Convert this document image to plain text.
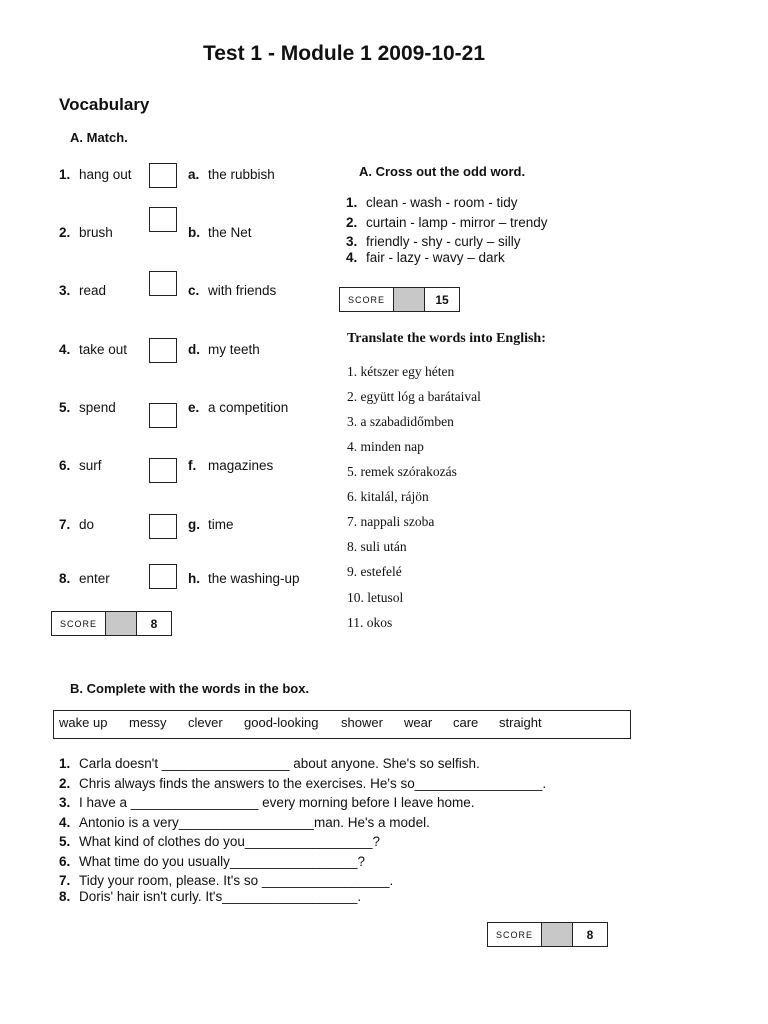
Test 1 - Module 1 2009-10-21
Vocabulary
A. Match.
1. hang out
2. brush
3. read
4. take out
5. spend
6. surf
7. do
8. enter
a. the rubbish
b. the Net
c. with friends
d. my teeth
e. a competition
f. magazines
g. time
h. the washing-up
SCORE	8
A. Cross out the odd word.
1. clean - wash - room - tidy
2. curtain - lamp - mirror – trendy
3. friendly - shy - curly – silly
4. fair - lazy - wavy – dark
SCORE	15
Translate the words into English:
1. kétszer egy héten
2. együtt lóg a barátaival
3. a szabadidőmben
4. minden nap
5. remek szórakozás
6. kitalál, rájön
7. nappali szoba
8. suli után
9. estefelé
10. letusol
11. okos
B. Complete with the words in the box.
wake up messy clever good-looking shower wear care straight
1. Carla doesn't _________________ about anyone. She's so selfish.
2. Chris always finds the answers to the exercises. He's so_________________.
3. I have a _________________ every morning before I leave home.
4. Antonio is a very__________________man. He's a model.
5. What kind of clothes do you_________________?
6. What time do you usually_________________?
7. Tidy your room, please. It's so _________________.
8. Doris' hair isn't curly. It's__________________.
SCORE	8
